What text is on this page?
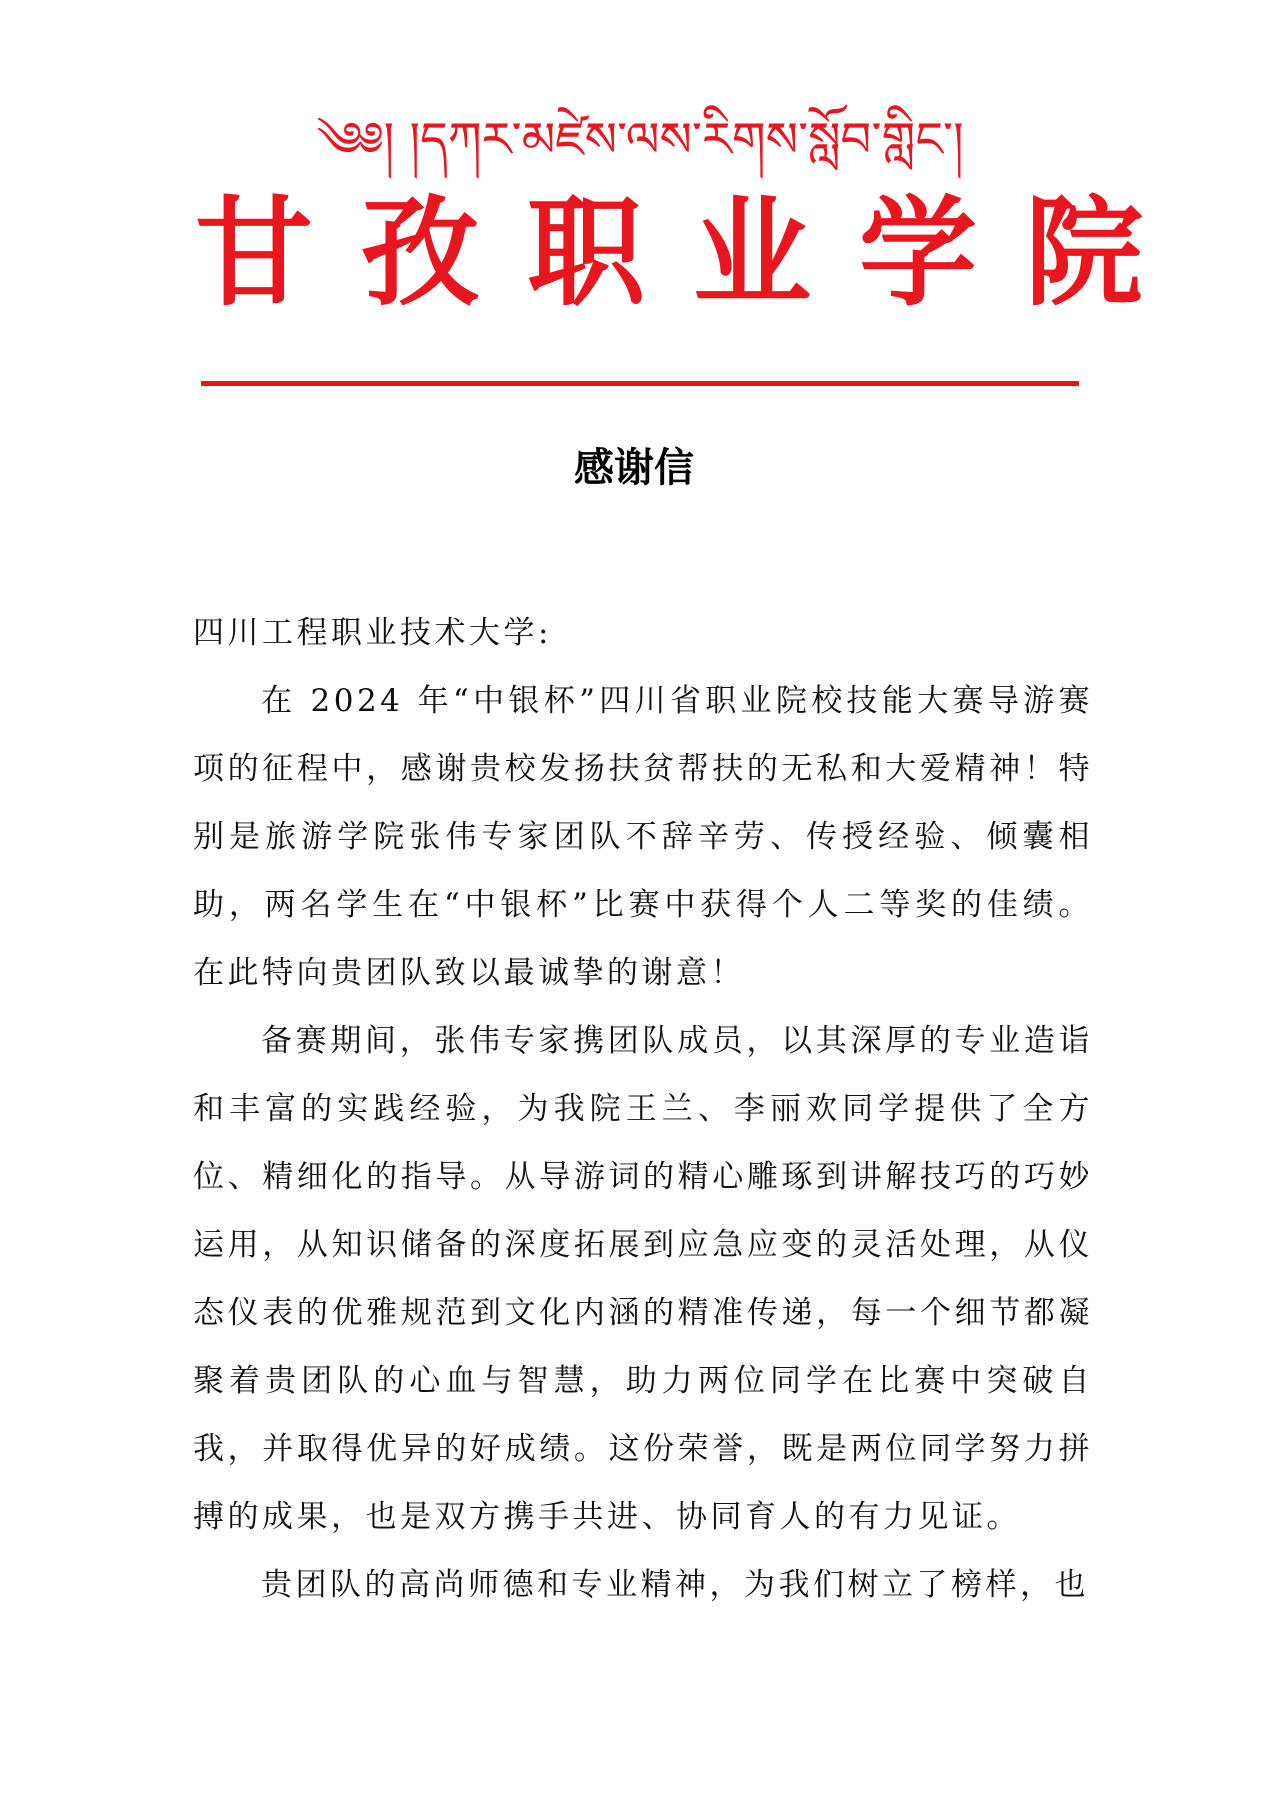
༄༅། །དཀར་མཛེས་ལས་རིགས་སློབ་གླིང་།
甘孜职业学院
感谢信

四川工程职业技术大学:

在 2024 年“中银杯”四川省职业院校技能大赛导游赛项的征程中，感谢贵校发扬扶贫帮扶的无私和大爱精神！特别是旅游学院张伟专家团队不辞辛劳、传授经验、倾囊相助，两名学生在“中银杯”比赛中获得个人二等奖的佳绩。在此特向贵团队致以最诚挚的谢意！

备赛期间，张伟专家携团队成员，以其深厚的专业造诣和丰富的实践经验，为我院王兰、李丽欢同学提供了全方位、精细化的指导。从导游词的精心雕琢到讲解技巧的巧妙运用，从知识储备的深度拓展到应急应变的灵活处理，从仪态仪表的优雅规范到文化内涵的精准传递，每一个细节都凝聚着贵团队的心血与智慧，助力两位同学在比赛中突破自我，并取得优异的好成绩。这份荣誉，既是两位同学努力拼搏的成果，也是双方携手共进、协同育人的有力见证。

贵团队的高尚师德和专业精神，为我们树立了榜样，也
